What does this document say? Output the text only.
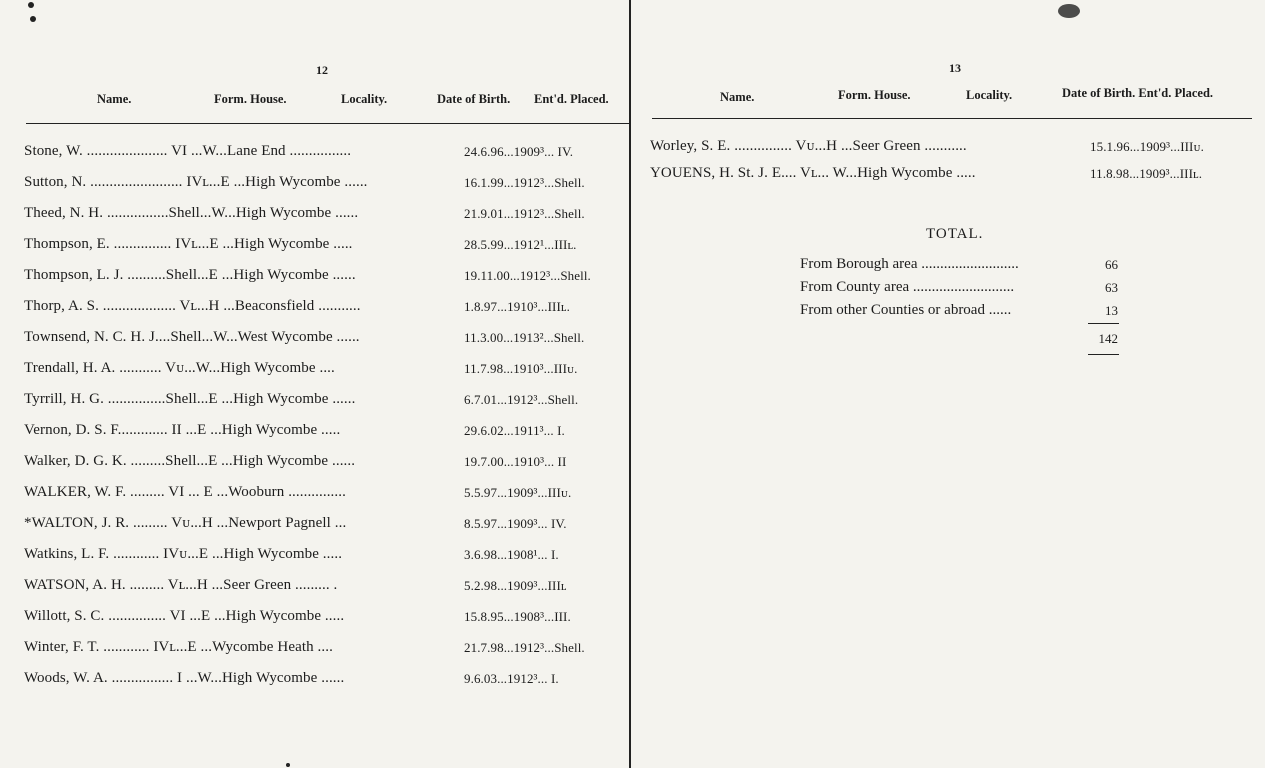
12
Name.	Form. House.	Locality.	Date of Birth. Ent'd. Placed.
Stone, W. ..................... VI ...W...Lane End ................	24.6.96...1909³... IV.
Sutton, N. ........................ IVʟ...E ...High Wycombe ......	16.1.99...1912³...Shell.
Theed, N. H. ................Shell...W...High Wycombe ......	21.9.01...1912³...Shell.
Thompson, E. ............... IVʟ...E ...High Wycombe .....	28.5.99...1912¹...IIIʟ.
Thompson, L. J. ..........Shell...E ...High Wycombe ......	19.11.00...1912³...Shell.
Thorp, A. S. ................... Vʟ...H ...Beaconsfield ...........	1.8.97...1910³...IIIʟ.
Townsend, N. C. H. J....Shell...W...West Wycombe ......	11.3.00...1913²...Shell.
Trendall, H. A. ........... Vᴜ...W...High Wycombe ....	11.7.98...1910³...IIIᴜ.
Tyrrill, H. G. ...............Shell...E ...High Wycombe ......	6.7.01...1912³...Shell.
Vernon, D. S. F............. II ...E ...High Wycombe .....	29.6.02...1911³... I.
Walker, D. G. K. .........Shell...E ...High Wycombe ......	19.7.00...1910³... II
WALKER, W. F. ......... VI ... E ...Wooburn ...............	5.5.97...1909³...IIIᴜ.
*WALTON, J. R. ......... Vᴜ...H ...Newport Pagnell ...	8.5.97...1909³... IV.
Watkins, L. F. ............ IVᴜ...E ...High Wycombe .....	3.6.98...1908¹... I.
WATSON, A. H. ......... Vʟ...H ...Seer Green ......... .	5.2.98...1909³...IIIʟ
Willott, S. C. ............... VI ...E ...High Wycombe .....	15.8.95...1908³...III.
Winter, F. T. ............ IVʟ...E ...Wycombe Heath ....	21.7.98...1912³...Shell.
Woods, W. A. ................ I ...W...High Wycombe ......	9.6.03...1912³... I.
13
Name.	Form. House.	Locality.	Date of Birth. Ent'd. Placed.
Worley, S. E. ............... Vᴜ...H ...Seer Green ...........	15.1.96...1909³...IIIᴜ.
YOUENS, H. St. J. E.... Vʟ... W...High Wycombe .....	11.8.98...1909³...IIIʟ.
TOTAL.
From Borough area ..........................	66
From County area ...........................	63
From other Counties or abroad ......	13
142
